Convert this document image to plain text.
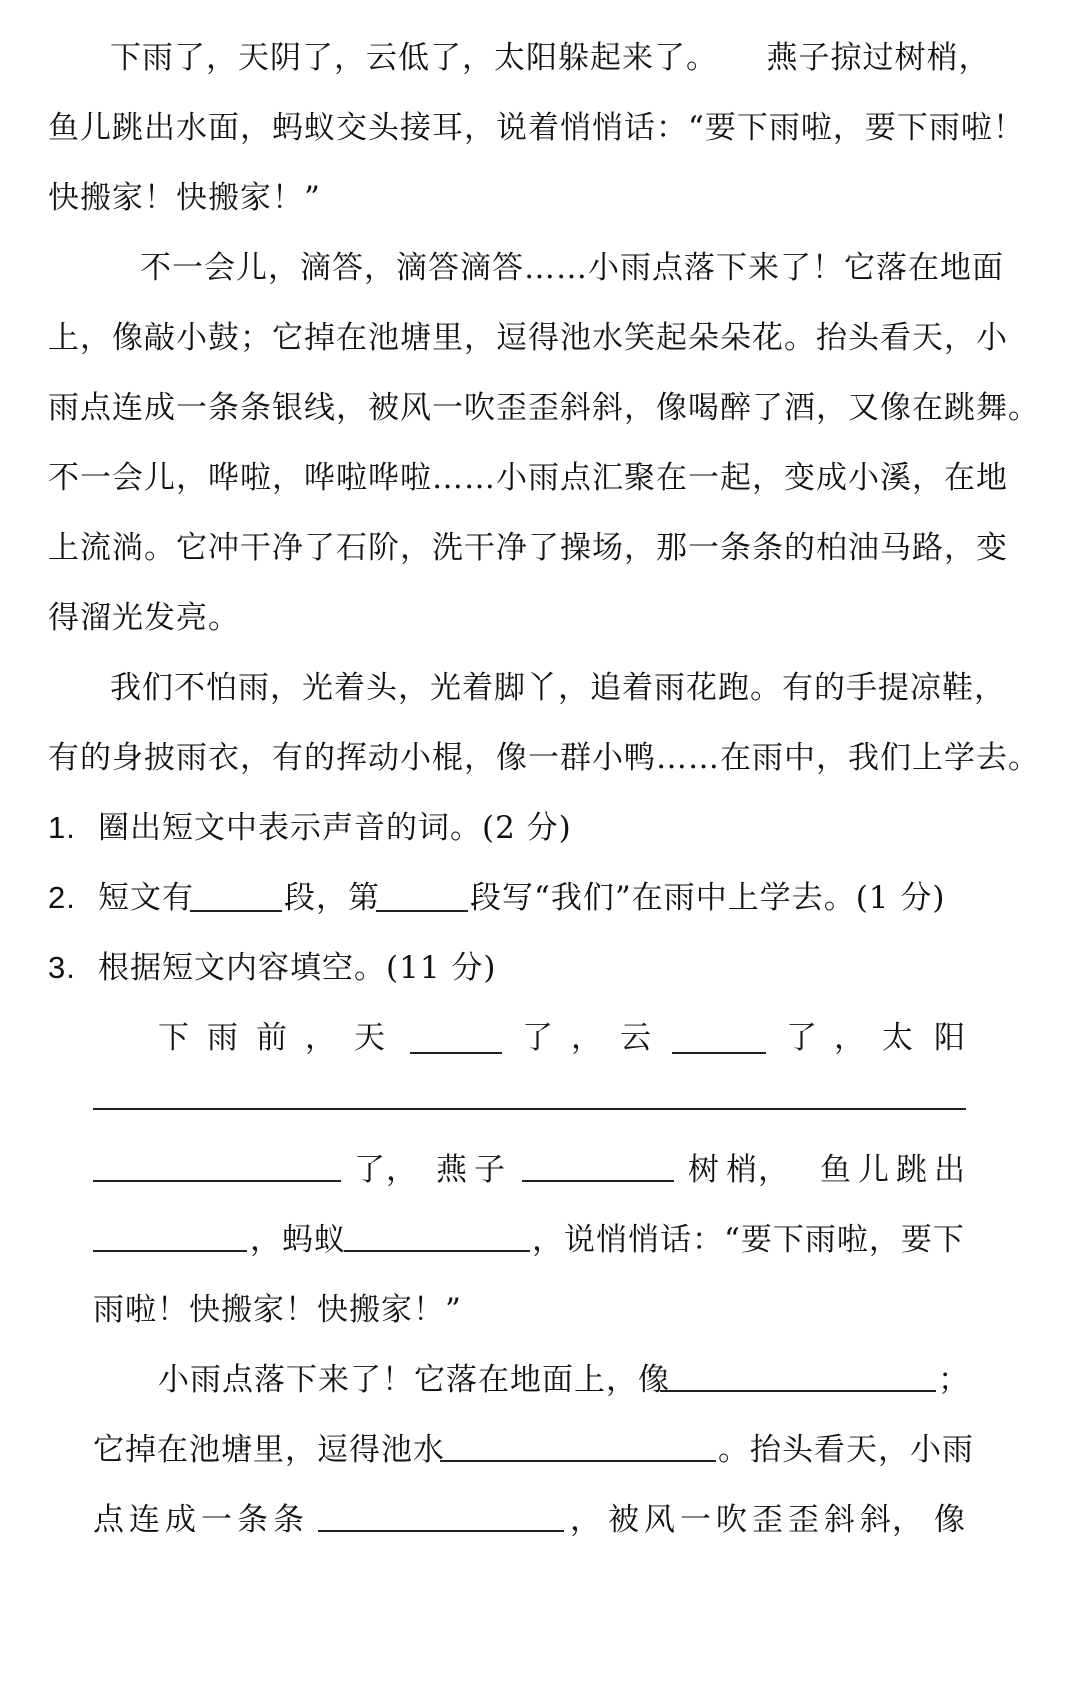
下雨了，天阴了，云低了，太阳躲起来了。　　燕子掠过树梢，
鱼儿跳出水面，蚂蚁交头接耳，说着悄悄话：“要下雨啦，要下雨啦！
快搬家！快搬家！”
不一会儿，滴答，滴答滴答……小雨点落下来了！它落在地面
上，像敲小鼓；它掉在池塘里，逗得池水笑起朵朵花。抬头看天，小
雨点连成一条条银线，被风一吹歪歪斜斜，像喝醉了酒，又像在跳舞。
不一会儿，哗啦，哗啦哗啦……小雨点汇聚在一起，变成小溪，在地
上流淌。它冲干净了石阶，洗干净了操场，那一条条的柏油马路，变
得溜光发亮。
我们不怕雨，光着头，光着脚丫，追着雨花跑。有的手提凉鞋，
有的身披雨衣，有的挥动小棍，像一群小鸭……在雨中，我们上学去。
1. 圈出短文中表示声音的词。(2 分)
2. 短文有	段，第	段写“我们”在雨中上学去。(1 分)
3. 根据短文内容填空。(11 分)
下 雨 前 ， 天	了 ， 云	了 ， 太 阳
了， 燕 子	树 梢， 鱼 儿 跳 出
，蚂蚁	，说悄悄话：“要下雨啦，要下
雨啦！快搬家！快搬家！”
小雨点落下来了！它落在地面上，像	；
它掉在池塘里，逗得池水	。抬头看天，小雨
点 连 成 一 条 条	， 被 风 一 吹 歪 歪 斜 斜， 像
